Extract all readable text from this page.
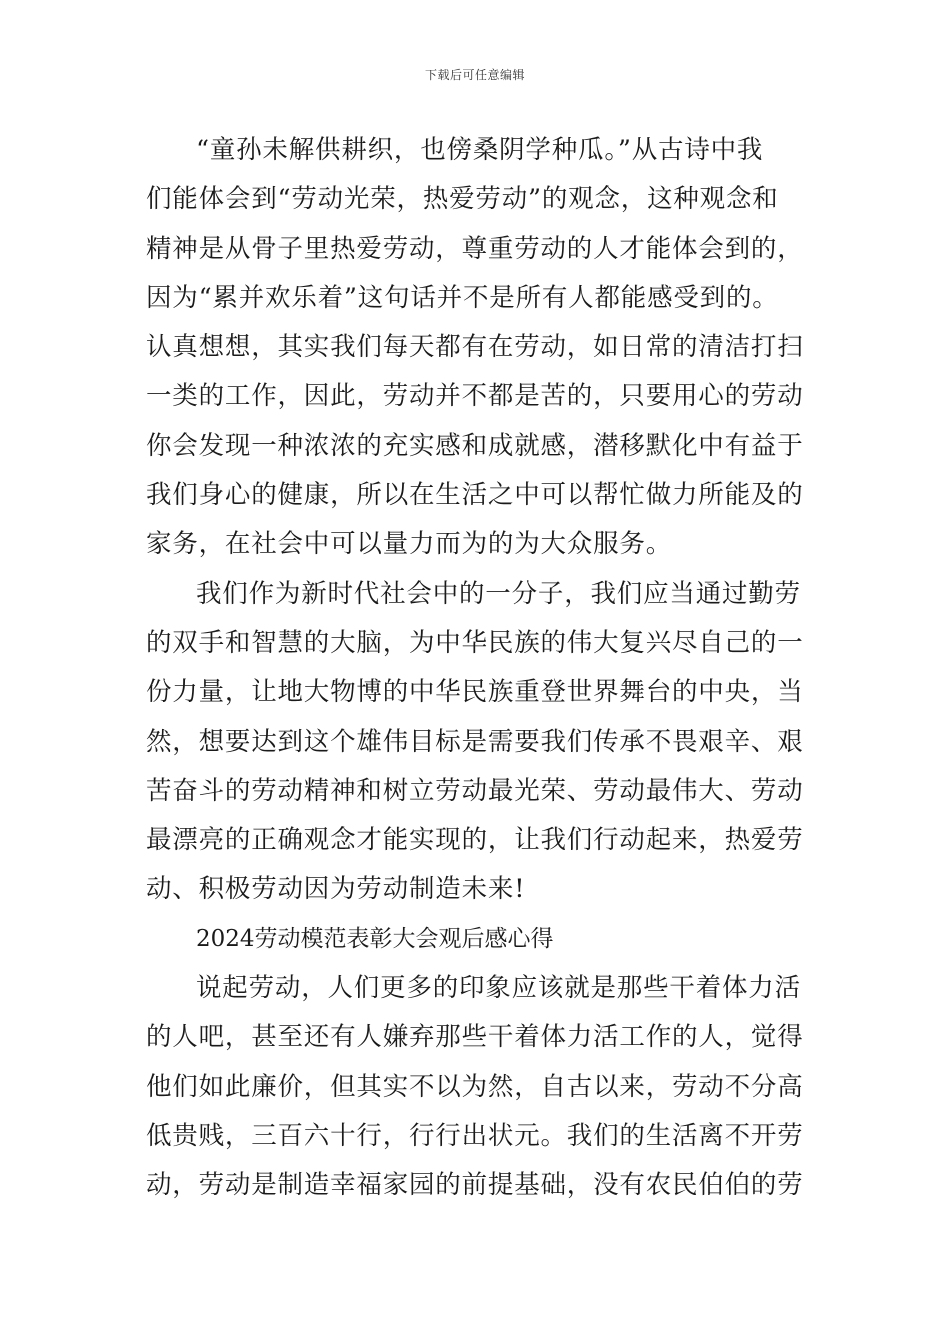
下载后可任意编辑
“童孙未解供耕织，也傍桑阴学种瓜。”从古诗中我
们能体会到“劳动光荣，热爱劳动”的观念，这种观念和
精神是从骨子里热爱劳动，尊重劳动的人才能体会到的，
因为“累并欢乐着”这句话并不是所有人都能感受到的。
认真想想，其实我们每天都有在劳动，如日常的清洁打扫
一类的工作，因此，劳动并不都是苦的，只要用心的劳动
你会发现一种浓浓的充实感和成就感，潜移默化中有益于
我们身心的健康，所以在生活之中可以帮忙做力所能及的
家务，在社会中可以量力而为的为大众服务。
我们作为新时代社会中的一分子，我们应当通过勤劳
的双手和智慧的大脑，为中华民族的伟大复兴尽自己的一
份力量，让地大物博的中华民族重登世界舞台的中央，当
然，想要达到这个雄伟目标是需要我们传承不畏艰辛、艰
苦奋斗的劳动精神和树立劳动最光荣、劳动最伟大、劳动
最漂亮的正确观念才能实现的，让我们行动起来，热爱劳
动、积极劳动因为劳动制造未来!
2024劳动模范表彰大会观后感心得
说起劳动，人们更多的印象应该就是那些干着体力活
的人吧，甚至还有人嫌弃那些干着体力活工作的人，觉得
他们如此廉价，但其实不以为然，自古以来，劳动不分高
低贵贱，三百六十行，行行出状元。我们的生活离不开劳
动，劳动是制造幸福家园的前提基础，没有农民伯伯的劳
